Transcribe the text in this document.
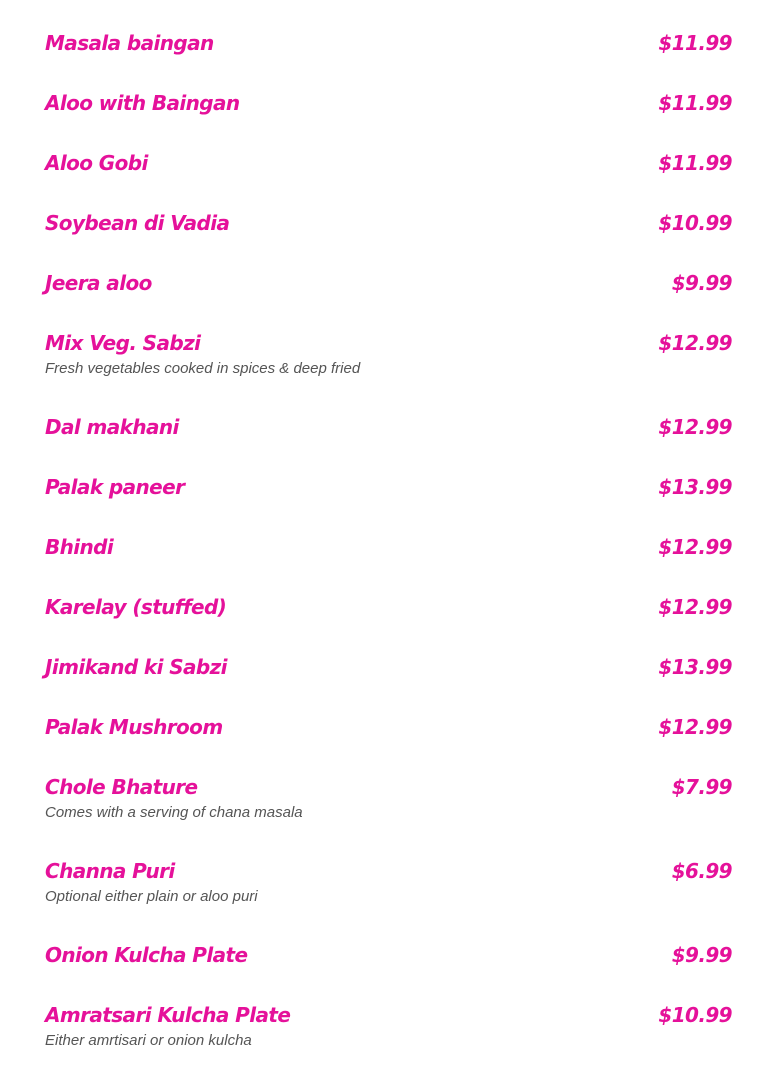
Masala baingan	$11.99
Aloo with Baingan	$11.99
Aloo Gobi	$11.99
Soybean di Vadia	$10.99
Jeera aloo	$9.99
Mix Veg. Sabzi	$12.99
Fresh vegetables cooked in spices & deep fried
Dal makhani	$12.99
Palak paneer	$13.99
Bhindi	$12.99
Karelay (stuffed)	$12.99
Jimikand ki Sabzi	$13.99
Palak Mushroom	$12.99
Chole Bhature	$7.99
Comes with a serving of chana masala
Channa Puri	$6.99
Optional either plain or aloo puri
Onion Kulcha Plate	$9.99
Amratsari Kulcha Plate	$10.99
Either amrtisari or onion kulcha
